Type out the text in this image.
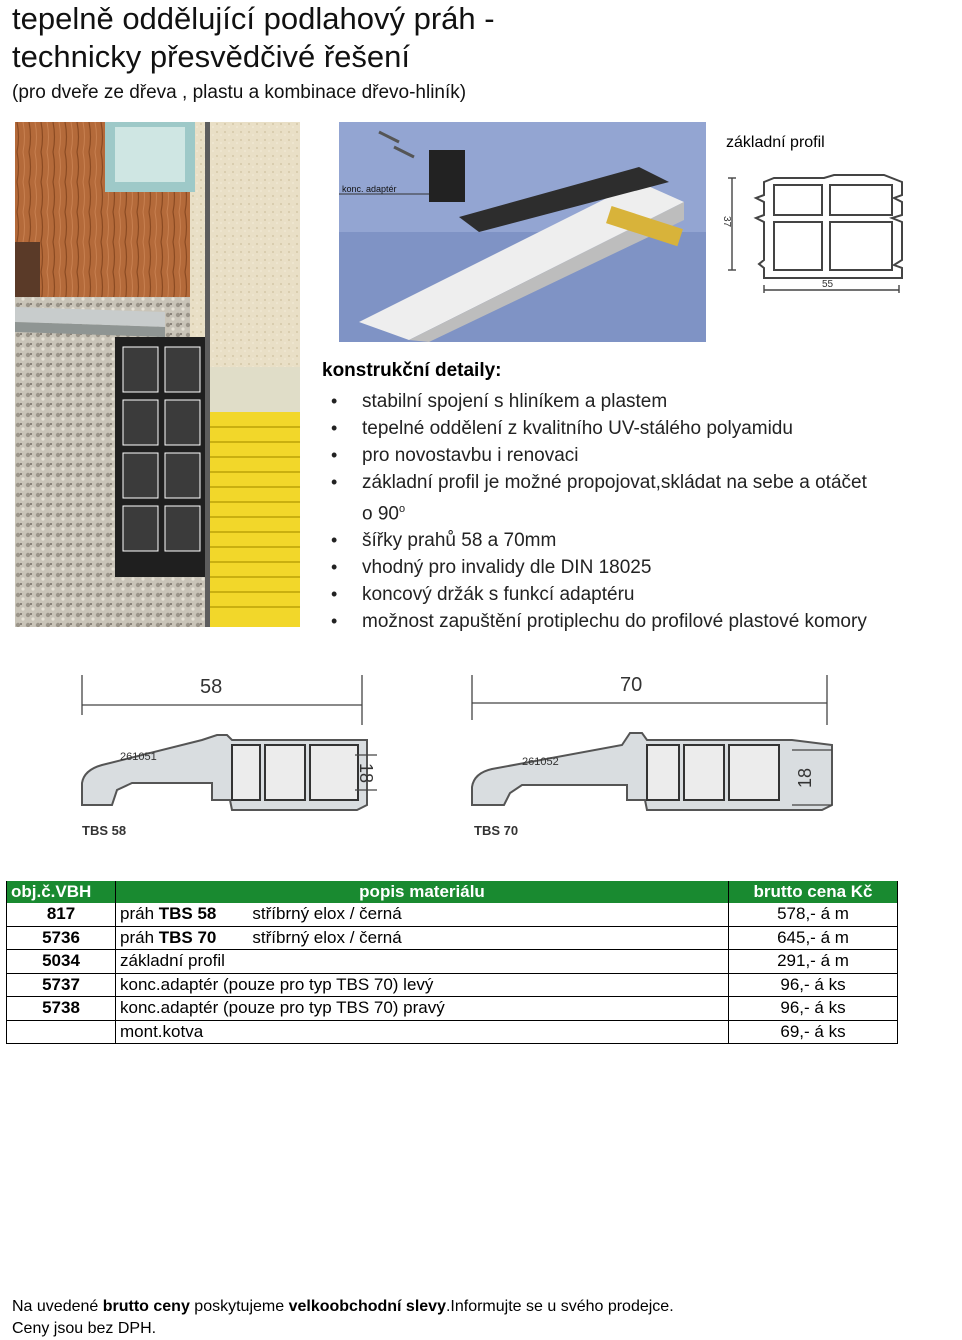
tepelně oddělující podlahový práh -
technicky přesvědčivé řešení
(pro dveře ze dřeva , plastu a kombinace dřevo-hliník)
konc. adaptér
základní profil
37
55
konstrukční detaily:
• stabilní spojení s hliníkem a plastem
• tepelné oddělení z kvalitního UV-stálého polyamidu
• pro novostavbu i renovaci
• základní profil je možné propojovat,skládat na sebe a otáčet
o 90$^o$
• šířky prahů 58 a 70mm
• vhodný pro invalidy dle DIN 18025
• koncový držák s funkcí adaptéru
• možnost zapuštění protiplechu do profilové plastové komory
58
261051
18
TBS 58
70
261052
18
TBS 70
obj.č.VBH	popis materiálu	brutto cena Kč
817	práh TBS 58 stříbrný elox / černá	578,- á m
5736	práh TBS 70 stříbrný elox / černá	645,- á m
5034	základní profil	291,- á m
5737	konc.adaptér (pouze pro typ TBS 70) levý	96,- á ks
5738	konc.adaptér (pouze pro typ TBS 70) pravý	96,- á ks
	mont.kotva	69,- á ks
Na uvedené brutto ceny poskytujeme velkoobchodní slevy.Informujte se u svého prodejce.
Ceny jsou bez DPH.
